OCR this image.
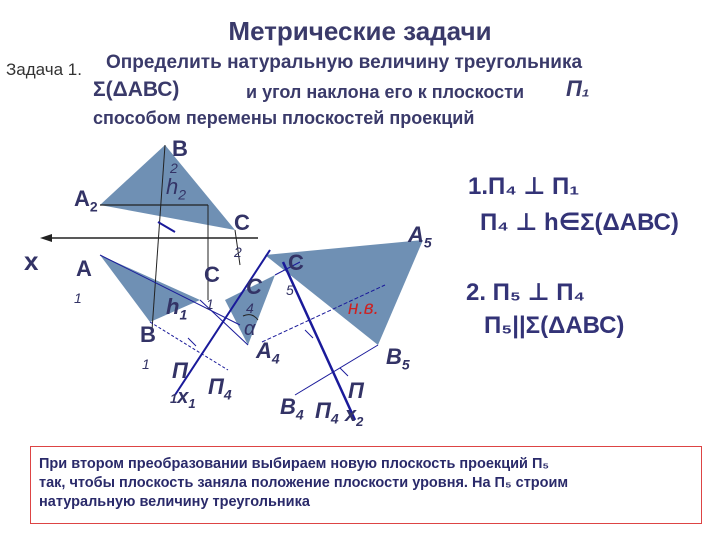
Метрические задачи
Задача 1. Определить натуральную величину треугольника
Σ(ΔАВС)	и угол наклона его к плоскости П₁
способом перемены плоскостей проекций
В
2
$h_2$
$А_2$
С
2
х А
1
С
1
$h_1$
В
1 П
$1х_1$
$П_4$
С
4
α
$А_4$
$В_4$ $П_4$
С
5
$А_5$
н.в.
$В_5$
П
$х_2$
1.П₄ ⊥ П₁
П₄ ⊥ h∈Σ(ΔАВС)
2. П₅ ⊥ П₄
П₅||Σ(ΔАВС)
При втором преобразовании выбираем новую плоскость проекций П₅
так, чтобы плоскость заняла положение плоскости уровня. На П₅ строим
натуральную величину треугольника
